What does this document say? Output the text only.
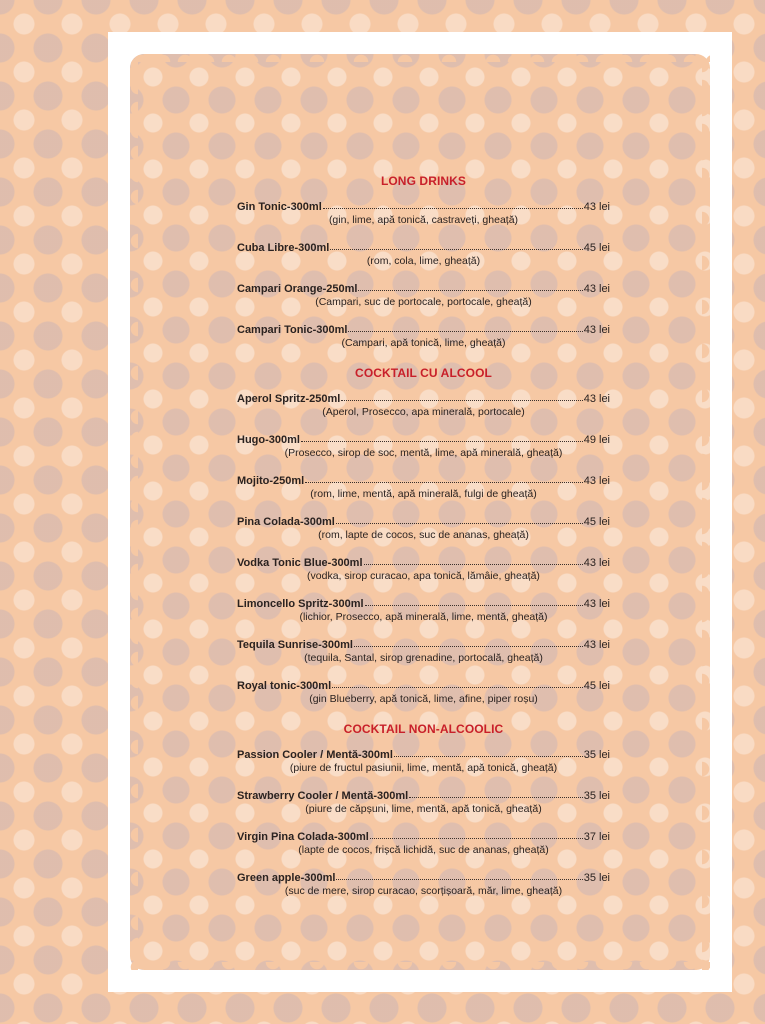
LONG DRINKS
Gin Tonic-300ml	43 lei
(gin, lime, apă tonică, castraveți, gheață)
Cuba Libre-300ml	45 lei
(rom, cola, lime, gheață)
Campari Orange-250ml	43 lei
(Campari, suc de portocale, portocale, gheață)
Campari Tonic-300ml	43 lei
(Campari, apă tonică, lime, gheață)
COCKTAIL CU ALCOOL
Aperol Spritz-250ml	43 lei
(Aperol, Prosecco, apa minerală, portocale)
Hugo-300ml	49 lei
(Prosecco, sirop de soc, mentă, lime, apă minerală, gheață)
Mojito-250ml	43 lei
(rom, lime, mentă, apă minerală, fulgi de gheață)
Pina Colada-300ml	45 lei
(rom, lapte de cocos, suc de ananas, gheață)
Vodka Tonic Blue-300ml	43 lei
(vodka, sirop curacao, apa tonică, lămâie, gheață)
Limoncello Spritz-300ml	43 lei
(lichior, Prosecco, apă minerală, lime, mentă, gheață)
Tequila Sunrise-300ml	43 lei
(tequila, Santal, sirop grenadine, portocală, gheață)
Royal tonic-300ml	45 lei
(gin Blueberry, apă tonică, lime, afine, piper roșu)
COCKTAIL NON-ALCOOLIC
Passion Cooler / Mentă-300ml	35 lei
(piure de fructul pasiunii, lime, mentă, apă tonică, gheață)
Strawberry Cooler / Mentă-300ml	35 lei
(piure de căpșuni, lime, mentă, apă tonică, gheață)
Virgin Pina Colada-300ml	37 lei
(lapte de cocos, frișcă lichidă, suc de ananas, gheață)
Green apple-300ml	35 lei
(suc de mere, sirop curacao, scorțișoară, măr, lime, gheață)
